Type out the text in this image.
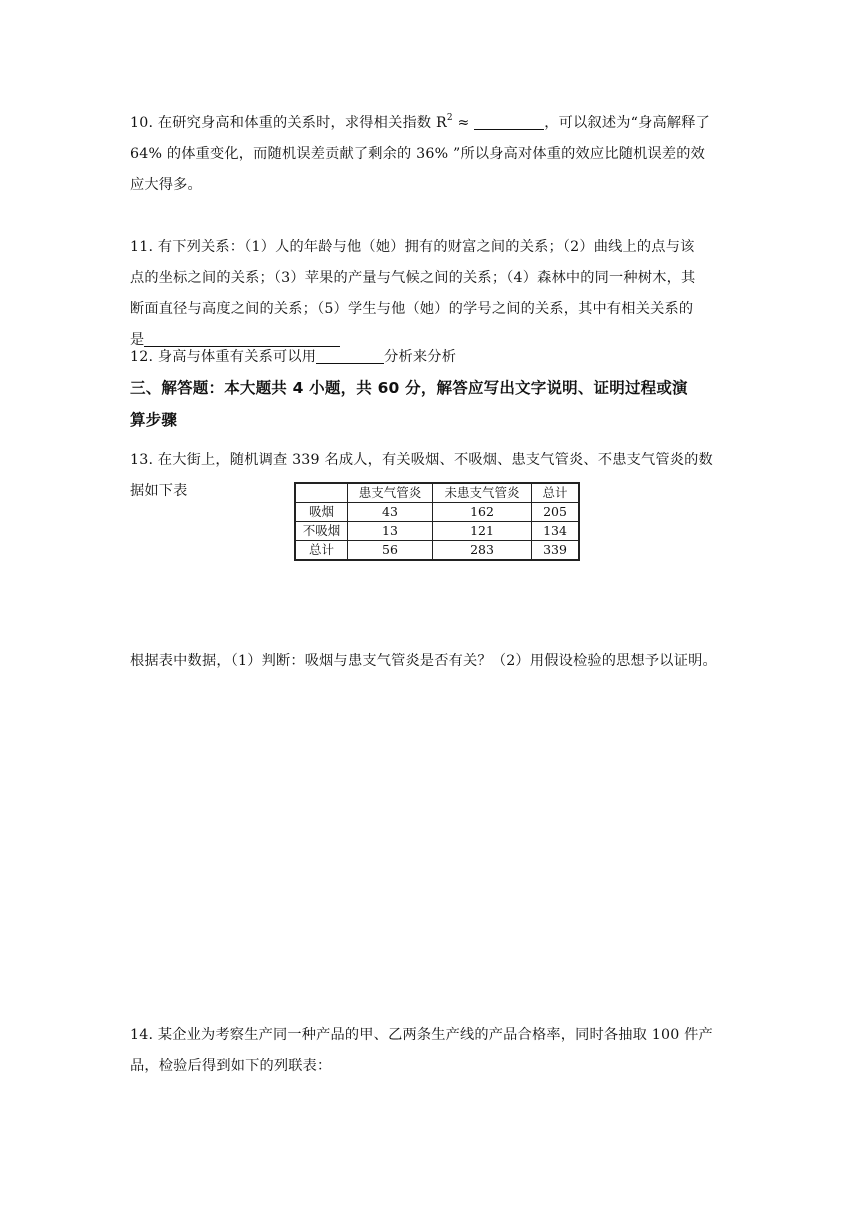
10. 在研究身高和体重的关系时，求得相关指数 $R^2$ ≈	，可以叙述为“身高解释了
64% 的体重变化，而随机误差贡献了剩余的 36% ”所以身高对体重的效应比随机误差的效
应大得多。
11. 有下列关系：（1）人的年龄与他（她）拥有的财富之间的关系；（2）曲线上的点与该
点的坐标之间的关系；（3）苹果的产量与气候之间的关系；（4）森林中的同一种树木，其
断面直径与高度之间的关系；（5）学生与他（她）的学号之间的关系，其中有相关关系的
是
12. 身高与体重有关系可以用	分析来分析
三、解答题：本大题共 4 小题，共 60 分，解答应写出文字说明、证明过程或演
算步骤
13. 在大街上，随机调查 339 名成人，有关吸烟、不吸烟、患支气管炎、不患支气管炎的数
据如下表
		患支气管炎	未患支气管炎	总计
吸烟	43	162	205
不吸烟	13	121	134
总计	56	283	339
根据表中数据，（1）判断：吸烟与患支气管炎是否有关？（2）用假设检验的思想予以证明。
14. 某企业为考察生产同一种产品的甲、乙两条生产线的产品合格率，同时各抽取 100 件产
品，检验后得到如下的列联表：
